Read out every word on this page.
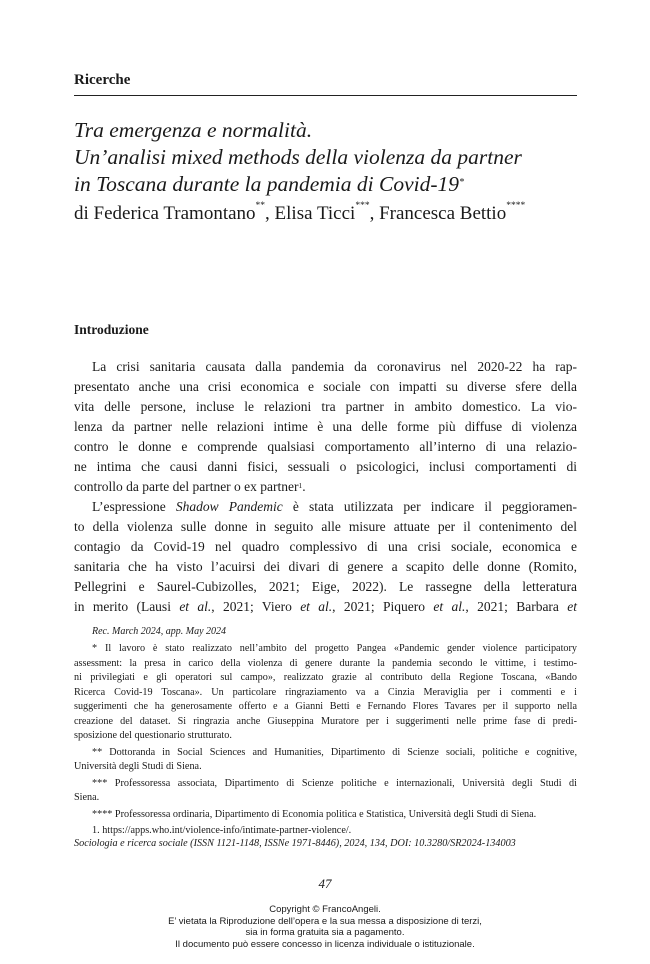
Ricerche
Tra emergenza e normalità.
Un’analisi mixed methods della violenza da partner
in Toscana durante la pandemia di Covid-19*
di Federica Tramontano**, Elisa Ticci***, Francesca Bettio****
Introduzione
La crisi sanitaria causata dalla pandemia da coronavirus nel 2020-22 ha rap-
presentato anche una crisi economica e sociale con impatti su diverse sfere della
vita delle persone, incluse le relazioni tra partner in ambito domestico. La vio-
lenza da partner nelle relazioni intime è una delle forme più diffuse di violenza
contro le donne e comprende qualsiasi comportamento all’interno di una relazio-
ne intima che causi danni fisici, sessuali o psicologici, inclusi comportamenti di
controllo da parte del partner o ex partner$^1$.
L’espressione Shadow Pandemic è stata utilizzata per indicare il peggioramen-
to della violenza sulle donne in seguito alle misure attuate per il contenimento del
contagio da Covid-19 nel quadro complessivo di una crisi sociale, economica e
sanitaria che ha visto l’acuirsi dei divari di genere a scapito delle donne (Romito,
Pellegrini e Saurel-Cubizolles, 2021; Eige, 2022). Le rassegne della letteratura
in merito (Lausi et al., 2021; Viero et al., 2021; Piquero et al., 2021; Barbara et
Rec. March 2024, app. May 2024
* Il lavoro è stato realizzato nell’ambito del progetto Pangea «Pandemic gender violence participatory
assessment: la presa in carico della violenza di genere durante la pandemia secondo le vittime, i testimo-
ni privilegiati e gli operatori sul campo», realizzato grazie al contributo della Regione Toscana, «Bando
Ricerca Covid-19 Toscana». Un particolare ringraziamento va a Cinzia Meraviglia per i commenti e i
suggerimenti che ha generosamente offerto e a Gianni Betti e Fernando Flores Tavares per il supporto nella
creazione del dataset. Si ringrazia anche Giuseppina Muratore per i suggerimenti nelle prime fase di predi-
sposizione del questionario strutturato.
** Dottoranda in Social Sciences and Humanities, Dipartimento di Scienze sociali, politiche e cognitive,
Università degli Studi di Siena.
*** Professoressa associata, Dipartimento di Scienze politiche e internazionali, Università degli Studi di
Siena.
**** Professoressa ordinaria, Dipartimento di Economia politica e Statistica, Università degli Studi di Siena.
1. https://apps.who.int/violence-info/intimate-partner-violence/.
Sociologia e ricerca sociale (ISSN 1121-1148, ISSNe 1971-8446), 2024, 134, DOI: 10.3280/SR2024-134003
47
Copyright © FrancoAngeli.
E’ vietata la Riproduzione dell’opera e la sua messa a disposizione di terzi,
sia in forma gratuita sia a pagamento.
Il documento può essere concesso in licenza individuale o istituzionale.
